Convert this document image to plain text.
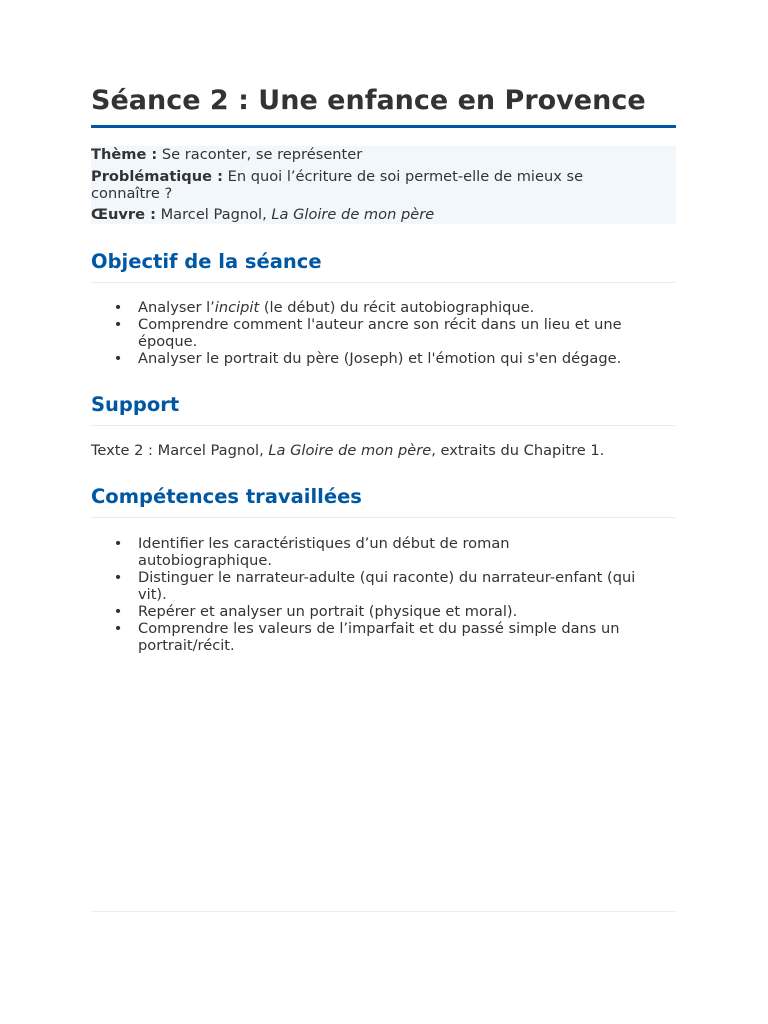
Séance 2 : Une enfance en Provence
Thème : Se raconter, se représenter
Problématique : En quoi l’écriture de soi permet-elle de mieux se
connaître ?
Œuvre : Marcel Pagnol, La Gloire de mon père
Objectif de la séance
• Analyser l’incipit (le début) du récit autobiographique.
• Comprendre comment l'auteur ancre son récit dans un lieu et une
époque.
• Analyser le portrait du père (Joseph) et l'émotion qui s'en dégage.
Support
Texte 2 : Marcel Pagnol, La Gloire de mon père, extraits du Chapitre 1.
Compétences travaillées
• Identifier les caractéristiques d’un début de roman
autobiographique.
• Distinguer le narrateur-adulte (qui raconte) du narrateur-enfant (qui
vit).
• Repérer et analyser un portrait (physique et moral).
• Comprendre les valeurs de l’imparfait et du passé simple dans un
portrait/récit.
